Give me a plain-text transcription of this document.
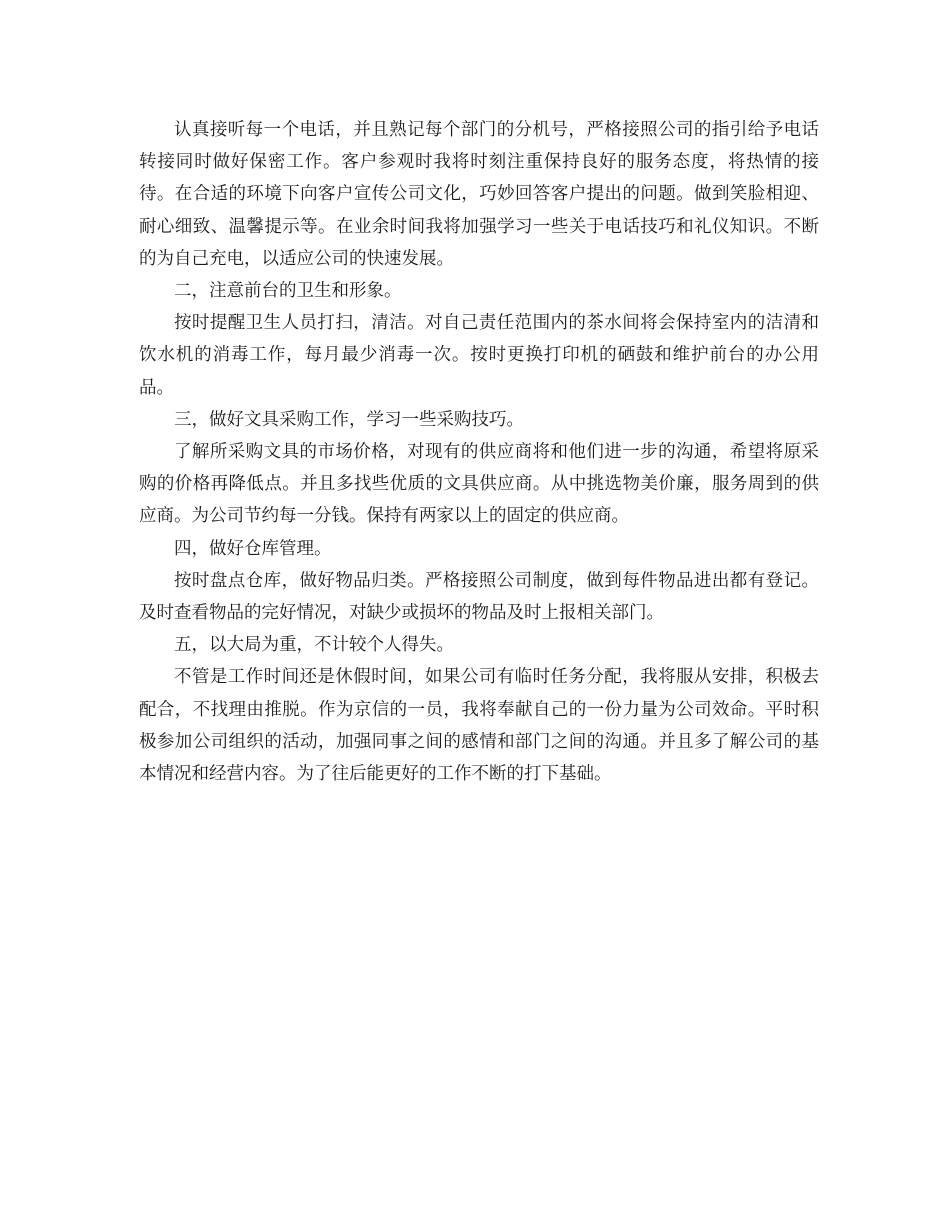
认真接听每一个电话，并且熟记每个部门的分机号，严格接照公司的指引给予电话转接同时做好保密工作。客户参观时我将时刻注重保持良好的服务态度，将热情的接待。在合适的环境下向客户宣传公司文化，巧妙回答客户提出的问题。做到笑脸相迎、耐心细致、温馨提示等。在业余时间我将加强学习一些关于电话技巧和礼仪知识。不断的为自己充电，以适应公司的快速发展。

二，注意前台的卫生和形象。

按时提醒卫生人员打扫，清洁。对自己责任范围内的茶水间将会保持室内的洁清和饮水机的消毒工作，每月最少消毒一次。按时更换打印机的硒鼓和维护前台的办公用品。

三，做好文具采购工作，学习一些采购技巧。

了解所采购文具的市场价格，对现有的供应商将和他们进一步的沟通，希望将原采购的价格再降低点。并且多找些优质的文具供应商。从中挑选物美价廉，服务周到的供应商。为公司节约每一分钱。保持有两家以上的固定的供应商。

四，做好仓库管理。

按时盘点仓库，做好物品归类。严格接照公司制度，做到每件物品进出都有登记。及时查看物品的完好情况，对缺少或损坏的物品及时上报相关部门。

五，以大局为重，不计较个人得失。

不管是工作时间还是休假时间，如果公司有临时任务分配，我将服从安排，积极去配合，不找理由推脱。作为京信的一员，我将奉献自己的一份力量为公司效命。平时积极参加公司组织的活动，加强同事之间的感情和部门之间的沟通。并且多了解公司的基本情况和经营内容。为了往后能更好的工作不断的打下基础。
